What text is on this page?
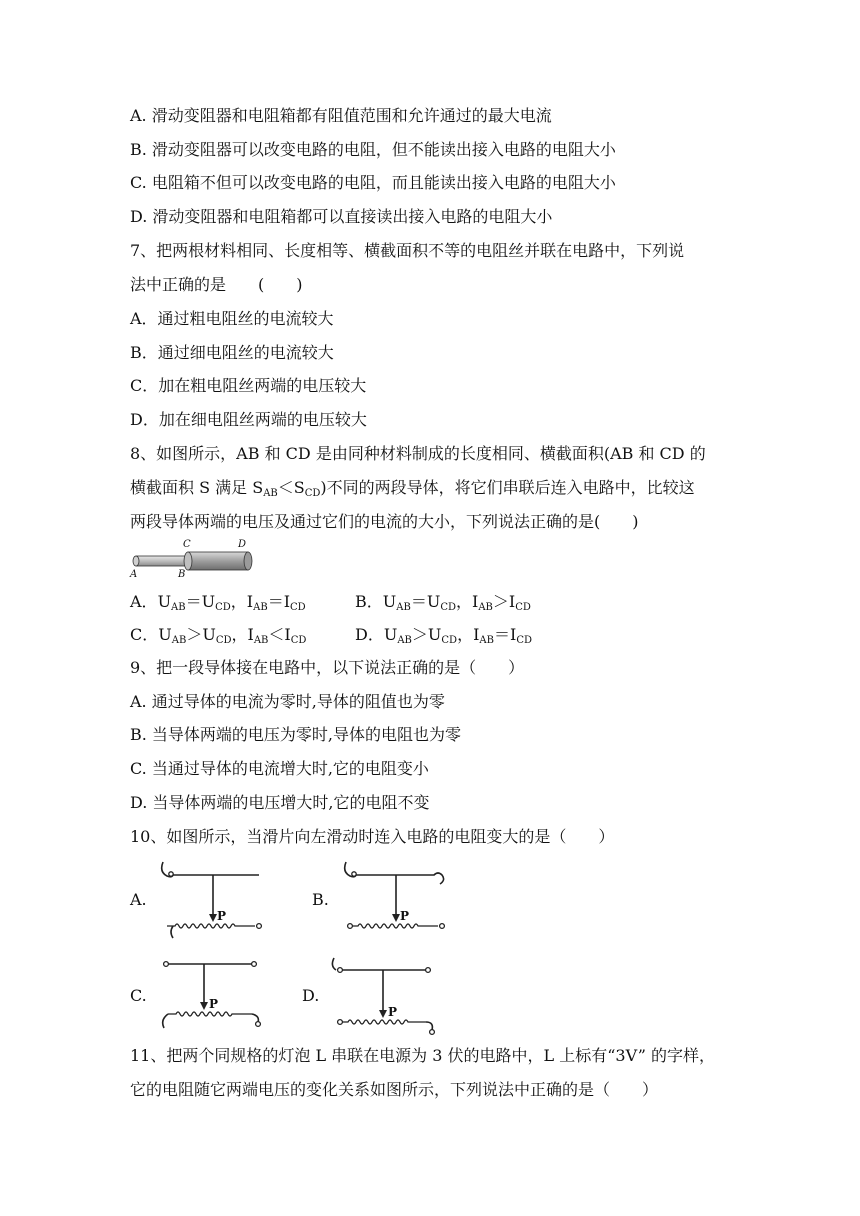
A. 滑动变阻器和电阻箱都有阻值范围和允许通过的最大电流
B. 滑动变阻器可以改变电路的电阻，但不能读出接入电路的电阻大小
C. 电阻箱不但可以改变电路的电阻，而且能读出接入电路的电阻大小
D. 滑动变阻器和电阻箱都可以直接读出接入电路的电阻大小
7、把两根材料相同、长度相等、横截面积不等的电阻丝并联在电路中，下列说
法中正确的是　　(　　)
A．通过粗电阻丝的电流较大
B．通过细电阻丝的电流较大
C．加在粗电阻丝两端的电压较大
D．加在细电阻丝两端的电压较大
8、如图所示，AB 和 CD 是由同种材料制成的长度相同、横截面积(AB 和 CD 的
横截面积 S 满足 $S_{AB}<S_{CD}$)不同的两段导体，将它们串联后连入电路中，比较这
两段导体两端的电压及通过它们的电流的大小，下列说法正确的是(　　)
A	B
C	D
A．$U_{AB}=U_{CD}$，$I_{AB}=I_{CD}$	B．$U_{AB}=U_{CD}$，$I_{AB}>I_{CD}$
C．$U_{AB}>U_{CD}$，$I_{AB}<I_{CD}$	D．$U_{AB}>U_{CD}$，$I_{AB}=I_{CD}$
9、把一段导体接在电路中，以下说法正确的是（　　）
A. 通过导体的电流为零时,导体的阻值也为零
B. 当导体两端的电压为零时,导体的电阻也为零
C. 当通过导体的电流增大时,它的电阻变小
D. 当导体两端的电压增大时,它的电阻不变
10、如图所示，当滑片向左滑动时连入电路的电阻变大的是（　　）
A.	B.
C.	D.
P	P
P
P
11、把两个同规格的灯泡 L 串联在电源为 3 伏的电路中，L 上标有“3V” 的字样，
它的电阻随它两端电压的变化关系如图所示，下列说法中正确的是（　　）
